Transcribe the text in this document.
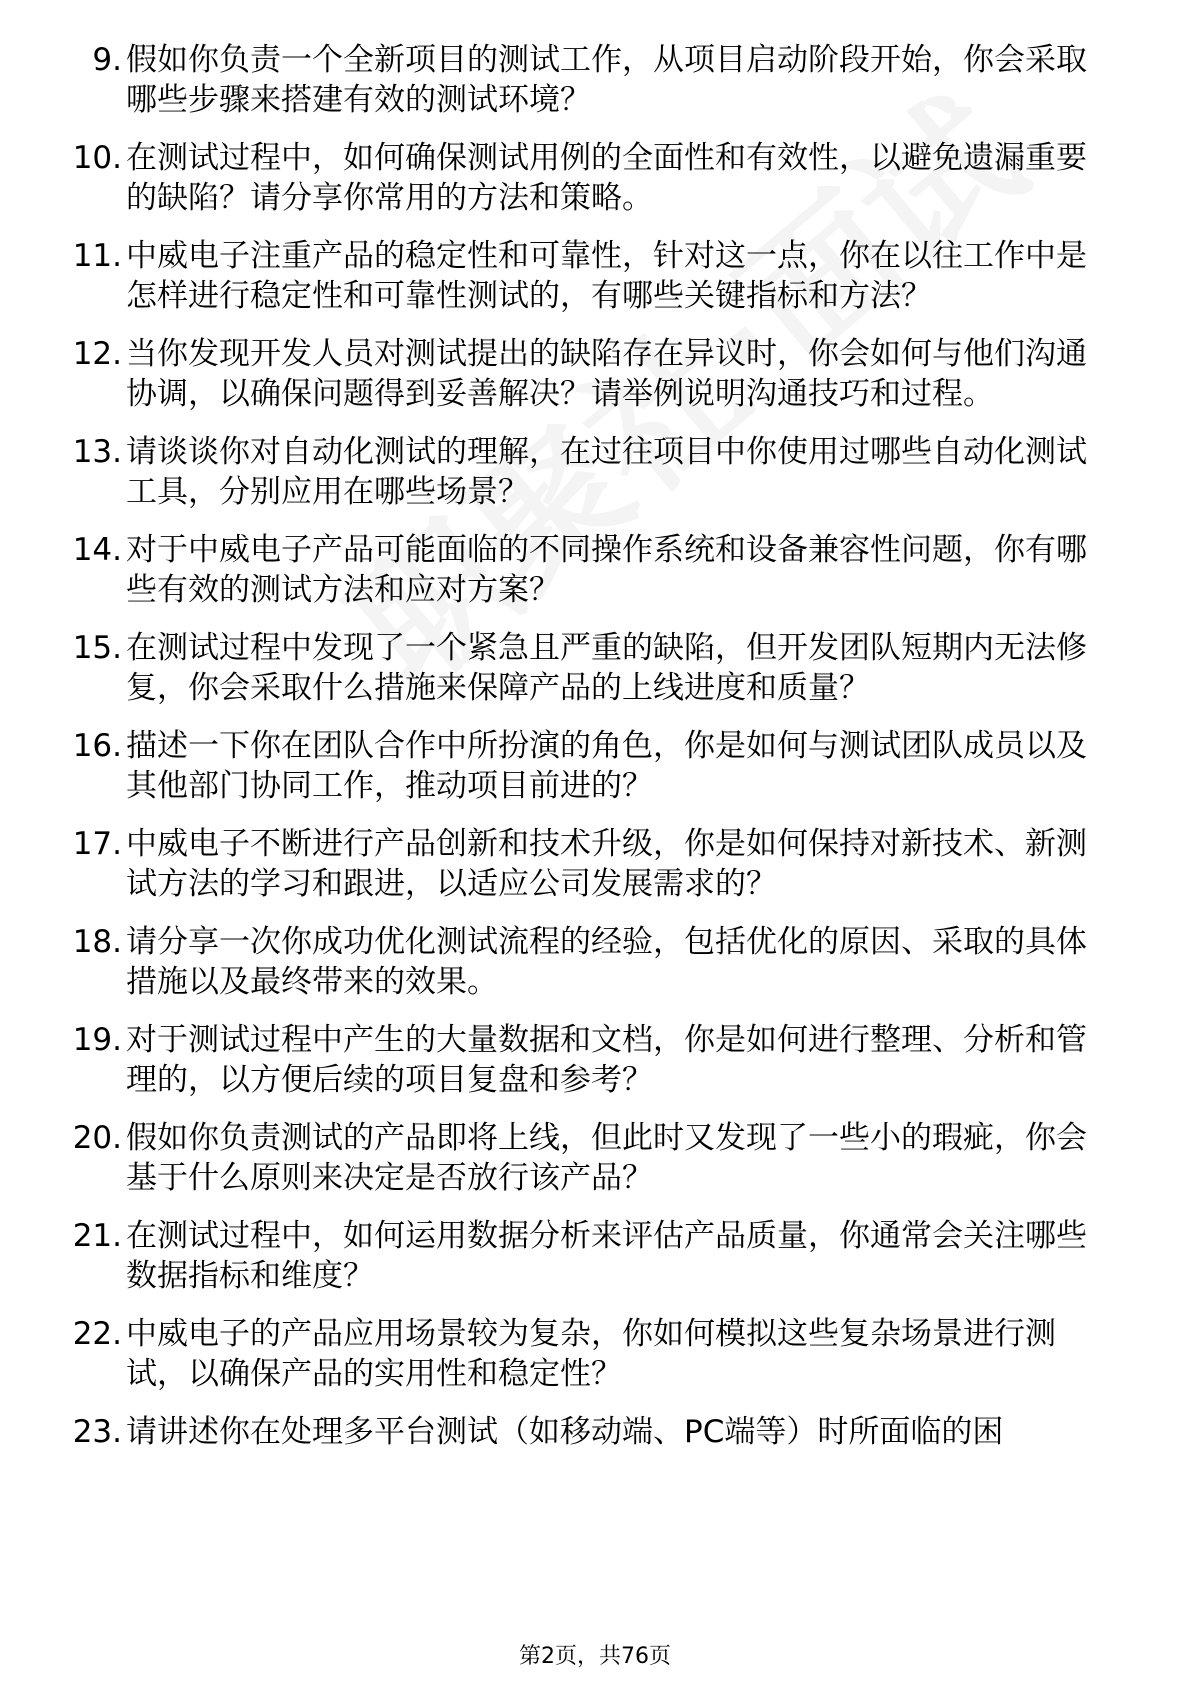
9. 假如你负责一个全新项目的测试工作，从项目启动阶段开始，你会采取哪些步骤来搭建有效的测试环境？
10. 在测试过程中，如何确保测试用例的全面性和有效性，以避免遗漏重要的缺陷？请分享你常用的方法和策略。
11. 中威电子注重产品的稳定性和可靠性，针对这一点，你在以往工作中是怎样进行稳定性和可靠性测试的，有哪些关键指标和方法？
12. 当你发现开发人员对测试提出的缺陷存在异议时，你会如何与他们沟通协调，以确保问题得到妥善解决？请举例说明沟通技巧和过程。
13. 请谈谈你对自动化测试的理解，在过往项目中你使用过哪些自动化测试工具，分别应用在哪些场景？
14. 对于中威电子产品可能面临的不同操作系统和设备兼容性问题，你有哪些有效的测试方法和应对方案？
15. 在测试过程中发现了一个紧急且严重的缺陷，但开发团队短期内无法修复，你会采取什么措施来保障产品的上线进度和质量？
16. 描述一下你在团队合作中所扮演的角色，你是如何与测试团队成员以及其他部门协同工作，推动项目前进的？
17. 中威电子不断进行产品创新和技术升级，你是如何保持对新技术、新测试方法的学习和跟进，以适应公司发展需求的？
18. 请分享一次你成功优化测试流程的经验，包括优化的原因、采取的具体措施以及最终带来的效果。
19. 对于测试过程中产生的大量数据和文档，你是如何进行整理、分析和管理的，以方便后续的项目复盘和参考？
20. 假如你负责测试的产品即将上线，但此时又发现了一些小的瑕疵，你会基于什么原则来决定是否放行该产品？
21. 在测试过程中，如何运用数据分析来评估产品质量，你通常会关注哪些数据指标和维度？
22. 中威电子的产品应用场景较为复杂，你如何模拟这些复杂场景进行测试，以确保产品的实用性和稳定性？
23. 请讲述你在处理多平台测试（如移动端、PC端等）时所面临的困
第2页，共76页
